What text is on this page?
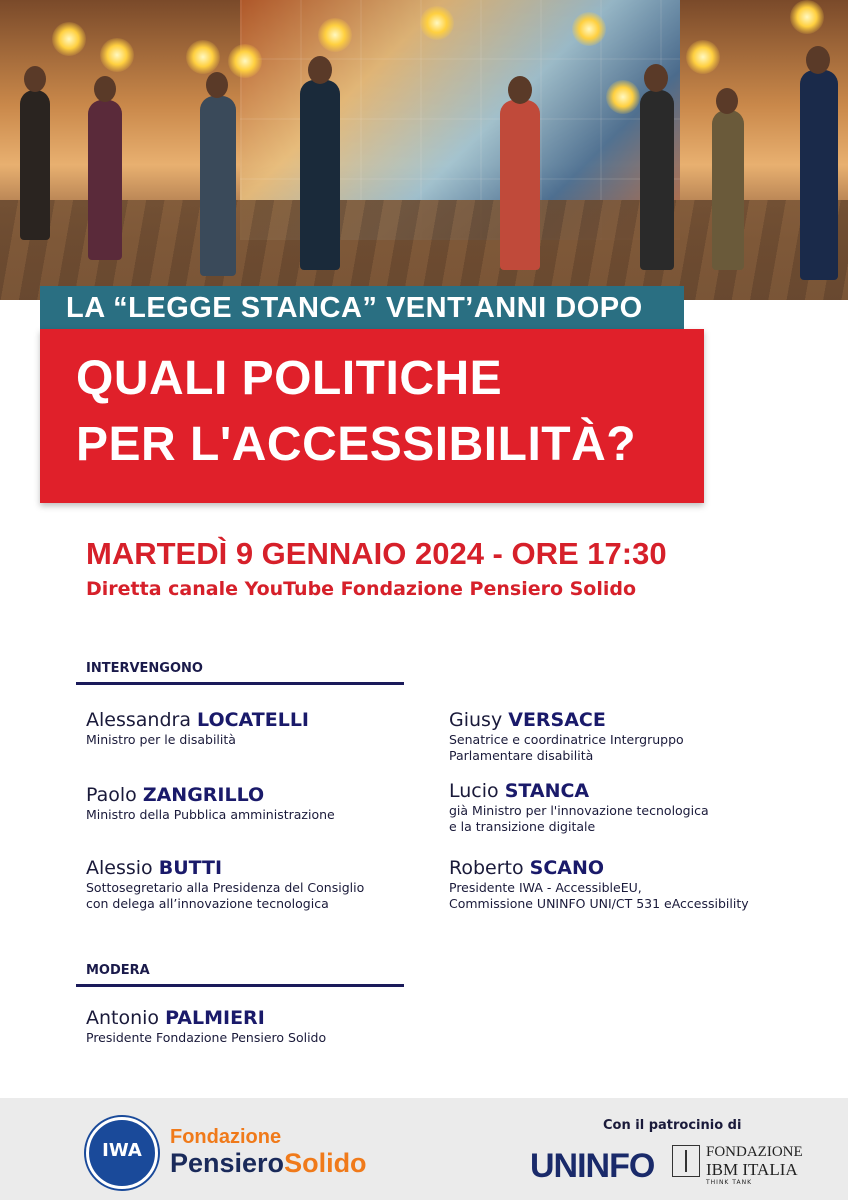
LA “LEGGE STANCA” VENT’ANNI DOPO
QUALI POLITICHE
PER L'ACCESSIBILITÀ?
MARTEDÌ 9 GENNAIO 2024 - ORE 17:30
Diretta canale YouTube Fondazione Pensiero Solido
INTERVENGONO
Alessandra LOCATELLI
Ministro per le disabilità
Paolo ZANGRILLO
Ministro della Pubblica amministrazione
Alessio BUTTI
Sottosegretario alla Presidenza del Consiglio
con delega all’innovazione tecnologica
Giusy VERSACE
Senatrice e coordinatrice Intergruppo
Parlamentare disabilità
Lucio STANCA
già Ministro per l'innovazione tecnologica
e la transizione digitale
Roberto SCANO
Presidente IWA - AccessibleEU,
Commissione UNINFO UNI/CT 531 eAccessibility
MODERA
Antonio PALMIERI
Presidente Fondazione Pensiero Solido
IWA
Fondazione
PensieroSolido
Con il patrocinio di
UNINFO	FONDAZIONE
IBM ITALIA
THINK TANK
